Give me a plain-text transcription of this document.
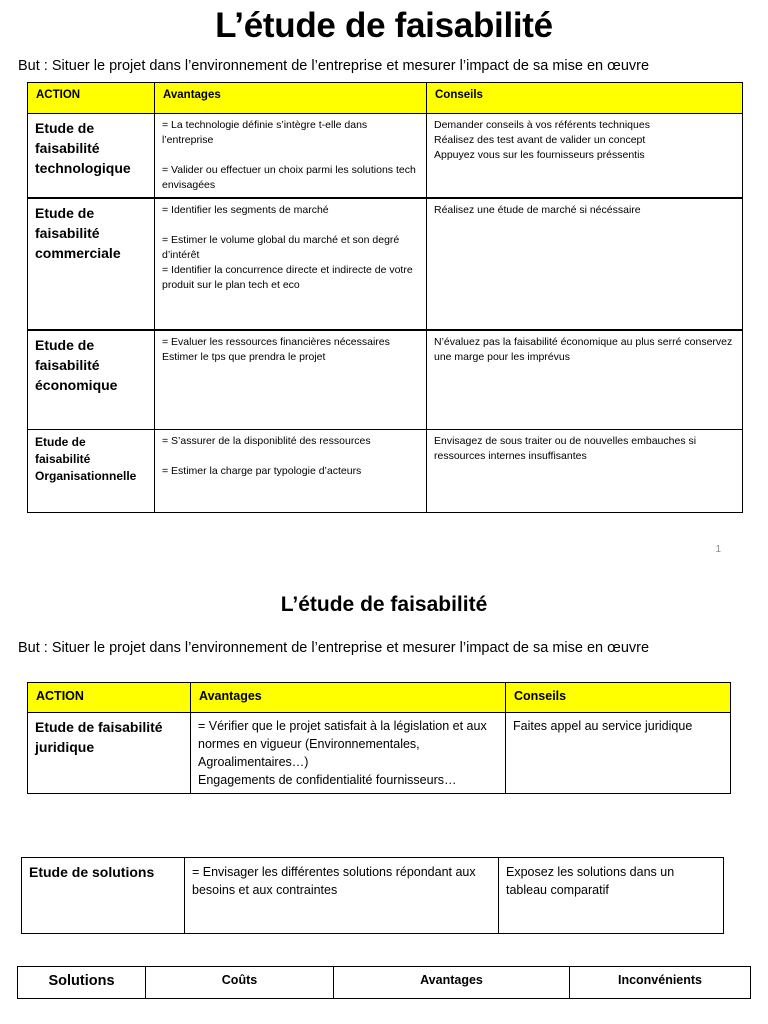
L’étude de faisabilité
But : Situer le projet dans l’environnement de l’entreprise et mesurer l’impact de sa mise en œuvre
ACTION	Avantages	Conseils

Etude de
faisabilité
technologique	= La technologie définie s’intègre t-elle dans l’entreprise
= Valider ou effectuer un choix parmi les solutions tech envisagées	Demander conseils à vos référents techniques
Réalisez des test avant de valider un concept
Appuyez vous sur les fournisseurs préssentis

Etude de
faisabilité
commerciale	= Identifier les segments de marché
= Estimer le volume global du marché et son degré d’intérêt
= Identifier la concurrence directe et indirecte de votre produit sur le plan tech et eco	Réalisez une étude de marché si nécéssaire

Etude de
faisabilité
économique	= Evaluer les ressources financières nécessaires
Estimer le tps que prendra le projet	N’évaluez pas la faisabilité économique au plus serré conservez une marge pour les imprévus

Etude de
faisabilité
Organisationnelle	= S’assurer de la disponiblité des ressources
= Estimer la charge par typologie d’acteurs	Envisagez de sous traiter ou de nouvelles embauches si ressources internes insuffisantes
1
L’étude de faisabilité
But : Situer le projet dans l’environnement de l’entreprise et mesurer l’impact de sa mise en œuvre
ACTION	Avantages	Conseils
Etude de faisabilité juridique	= Vérifier que le projet satisfait à la législation et aux normes en vigueur (Environnementales, Agroalimentaires…)
Engagements de confidentialité fournisseurs…	Faites appel au service juridique
Etude de solutions	= Envisager les différentes solutions répondant aux besoins et aux contraintes	Exposez les solutions dans un tableau comparatif
Solutions	Coûts	Avantages	Inconvénients
